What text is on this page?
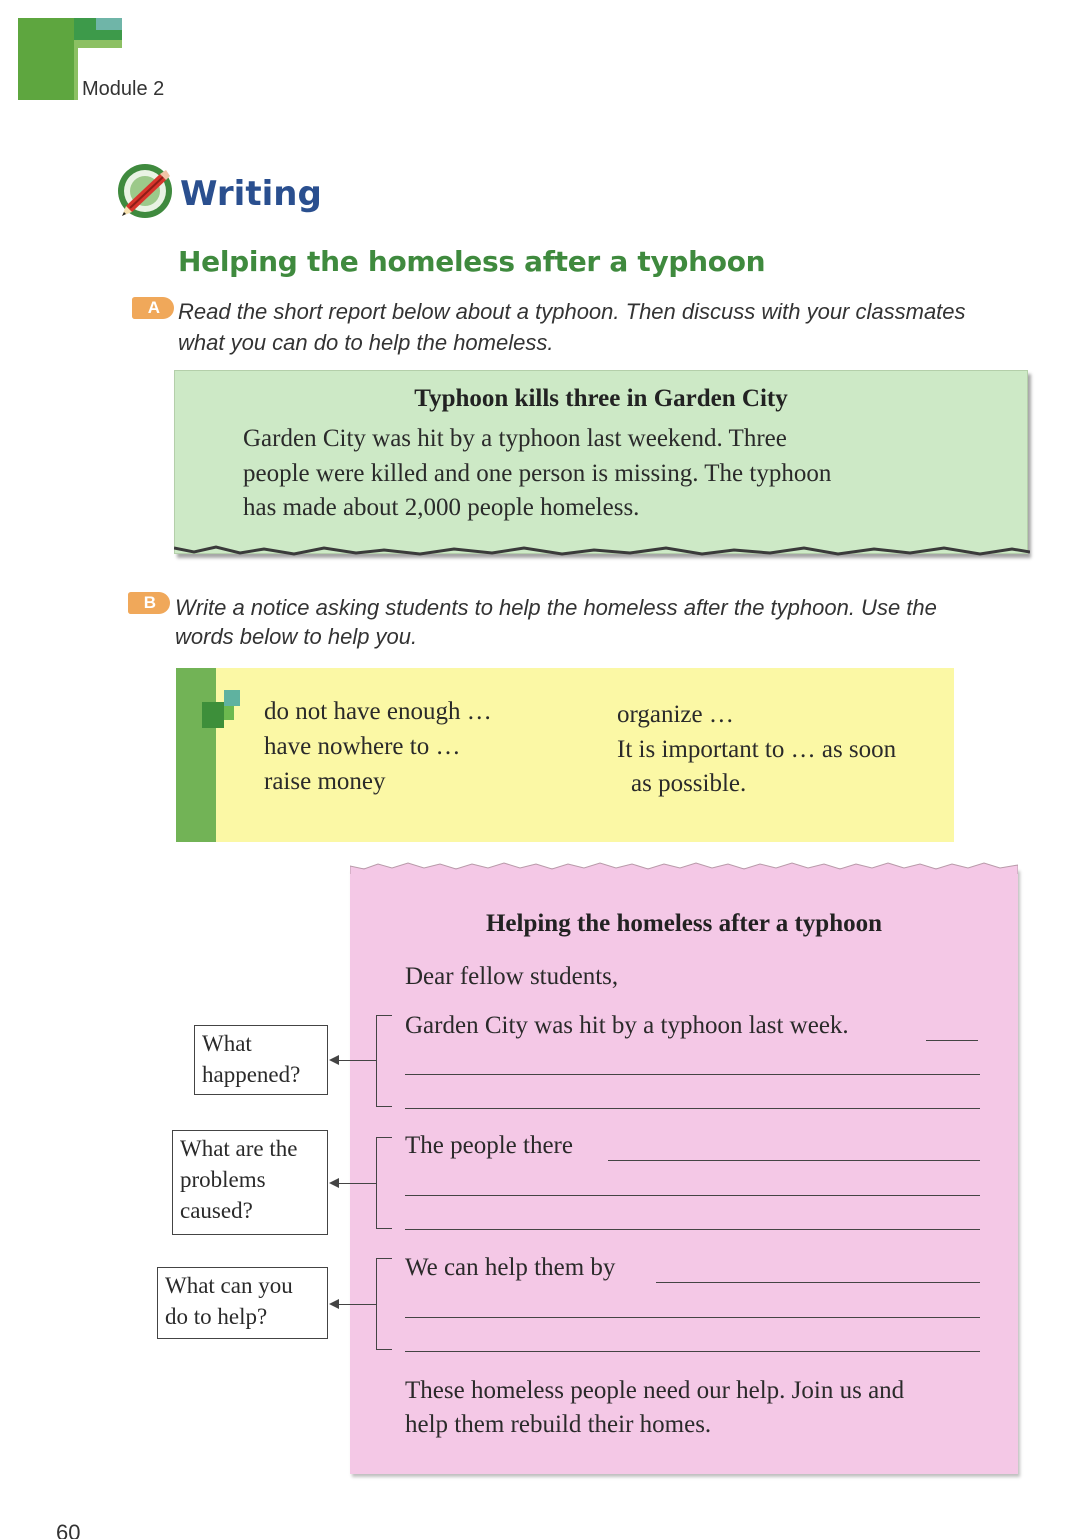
Module 2
Writing
Helping the homeless after a typhoon
A Read the short report below about a typhoon. Then discuss with your classmates
what you can do to help the homeless.
Typhoon kills three in Garden City
Garden City was hit by a typhoon last weekend. Three
people were killed and one person is missing. The typhoon
has made about 2,000 people homeless.
B Write a notice asking students to help the homeless after the typhoon. Use the
words below to help you.
do not have enough …
have nowhere to …
raise money
organize …
It is important to … as soon
as possible.
Helping the homeless after a typhoon
Dear fellow students,
Garden City was hit by a typhoon last week.
The people there
We can help them by
These homeless people need our help. Join us and
help them rebuild their homes.
What
happened?
What are the
problems
caused?
What can you
do to help?
60
